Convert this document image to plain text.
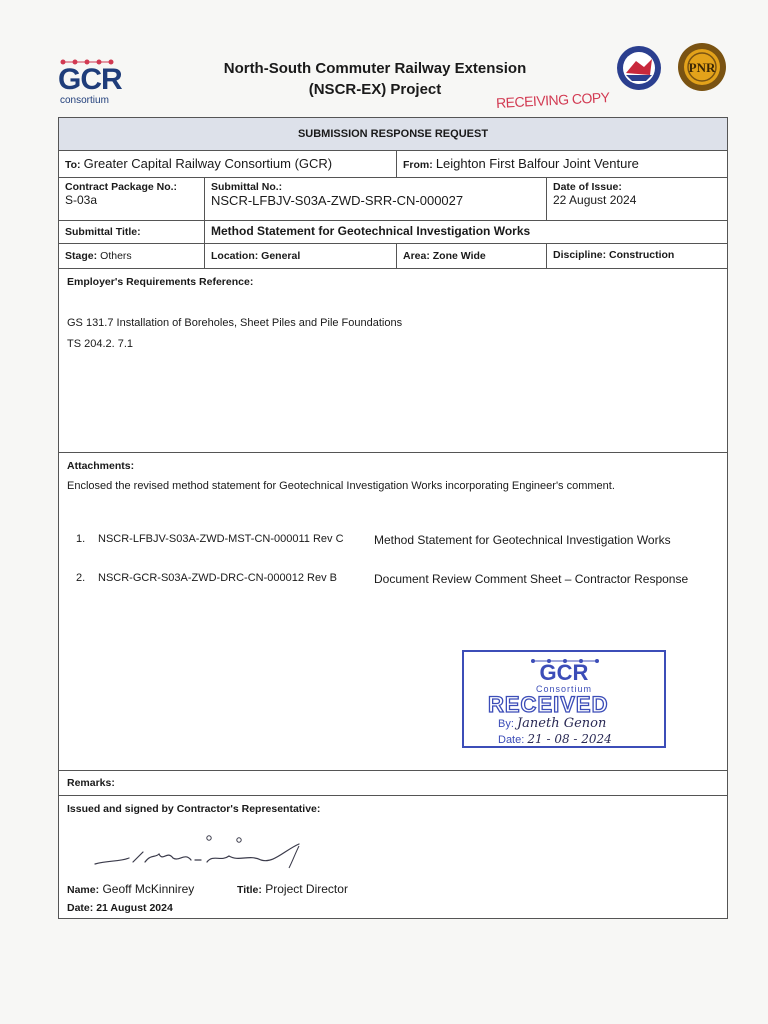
GCR
consortium
North-South Commuter Railway Extension
(NSCR-EX) Project	RECEIVING COPY
PNR
SUBMISSION RESPONSE REQUEST
To: Greater Capital Railway Consortium (GCR)	From: Leighton First Balfour Joint Venture
Contract Package No.:
S-03a
Submittal No.:
NSCR-LFBJV-S03A-ZWD-SRR-CN-000027
Date of Issue:
22 August 2024
Submittal Title:	Method Statement for Geotechnical Investigation Works
Stage: Others	Location: General	Area: Zone Wide	Discipline: Construction
Employer's Requirements Reference:
GS 131.7 Installation of Boreholes, Sheet Piles and Pile Foundations
TS 204.2. 7.1
Attachments:
Enclosed the revised method statement for Geotechnical Investigation Works incorporating Engineer's comment.
1. NSCR-LFBJV-S03A-ZWD-MST-CN-000011 Rev C	Method Statement for Geotechnical Investigation Works
2. NSCR-GCR-S03A-ZWD-DRC-CN-000012 Rev B	Document Review Comment Sheet – Contractor Response
Remarks:
Issued and signed by Contractor's Representative:
Name: Geoff McKinnirey	Title: Project Director
Date: 21 August 2024
GCR
Consortium
RECEIVED
By: Janeth Genon
Date: 21 - 08 - 2024
